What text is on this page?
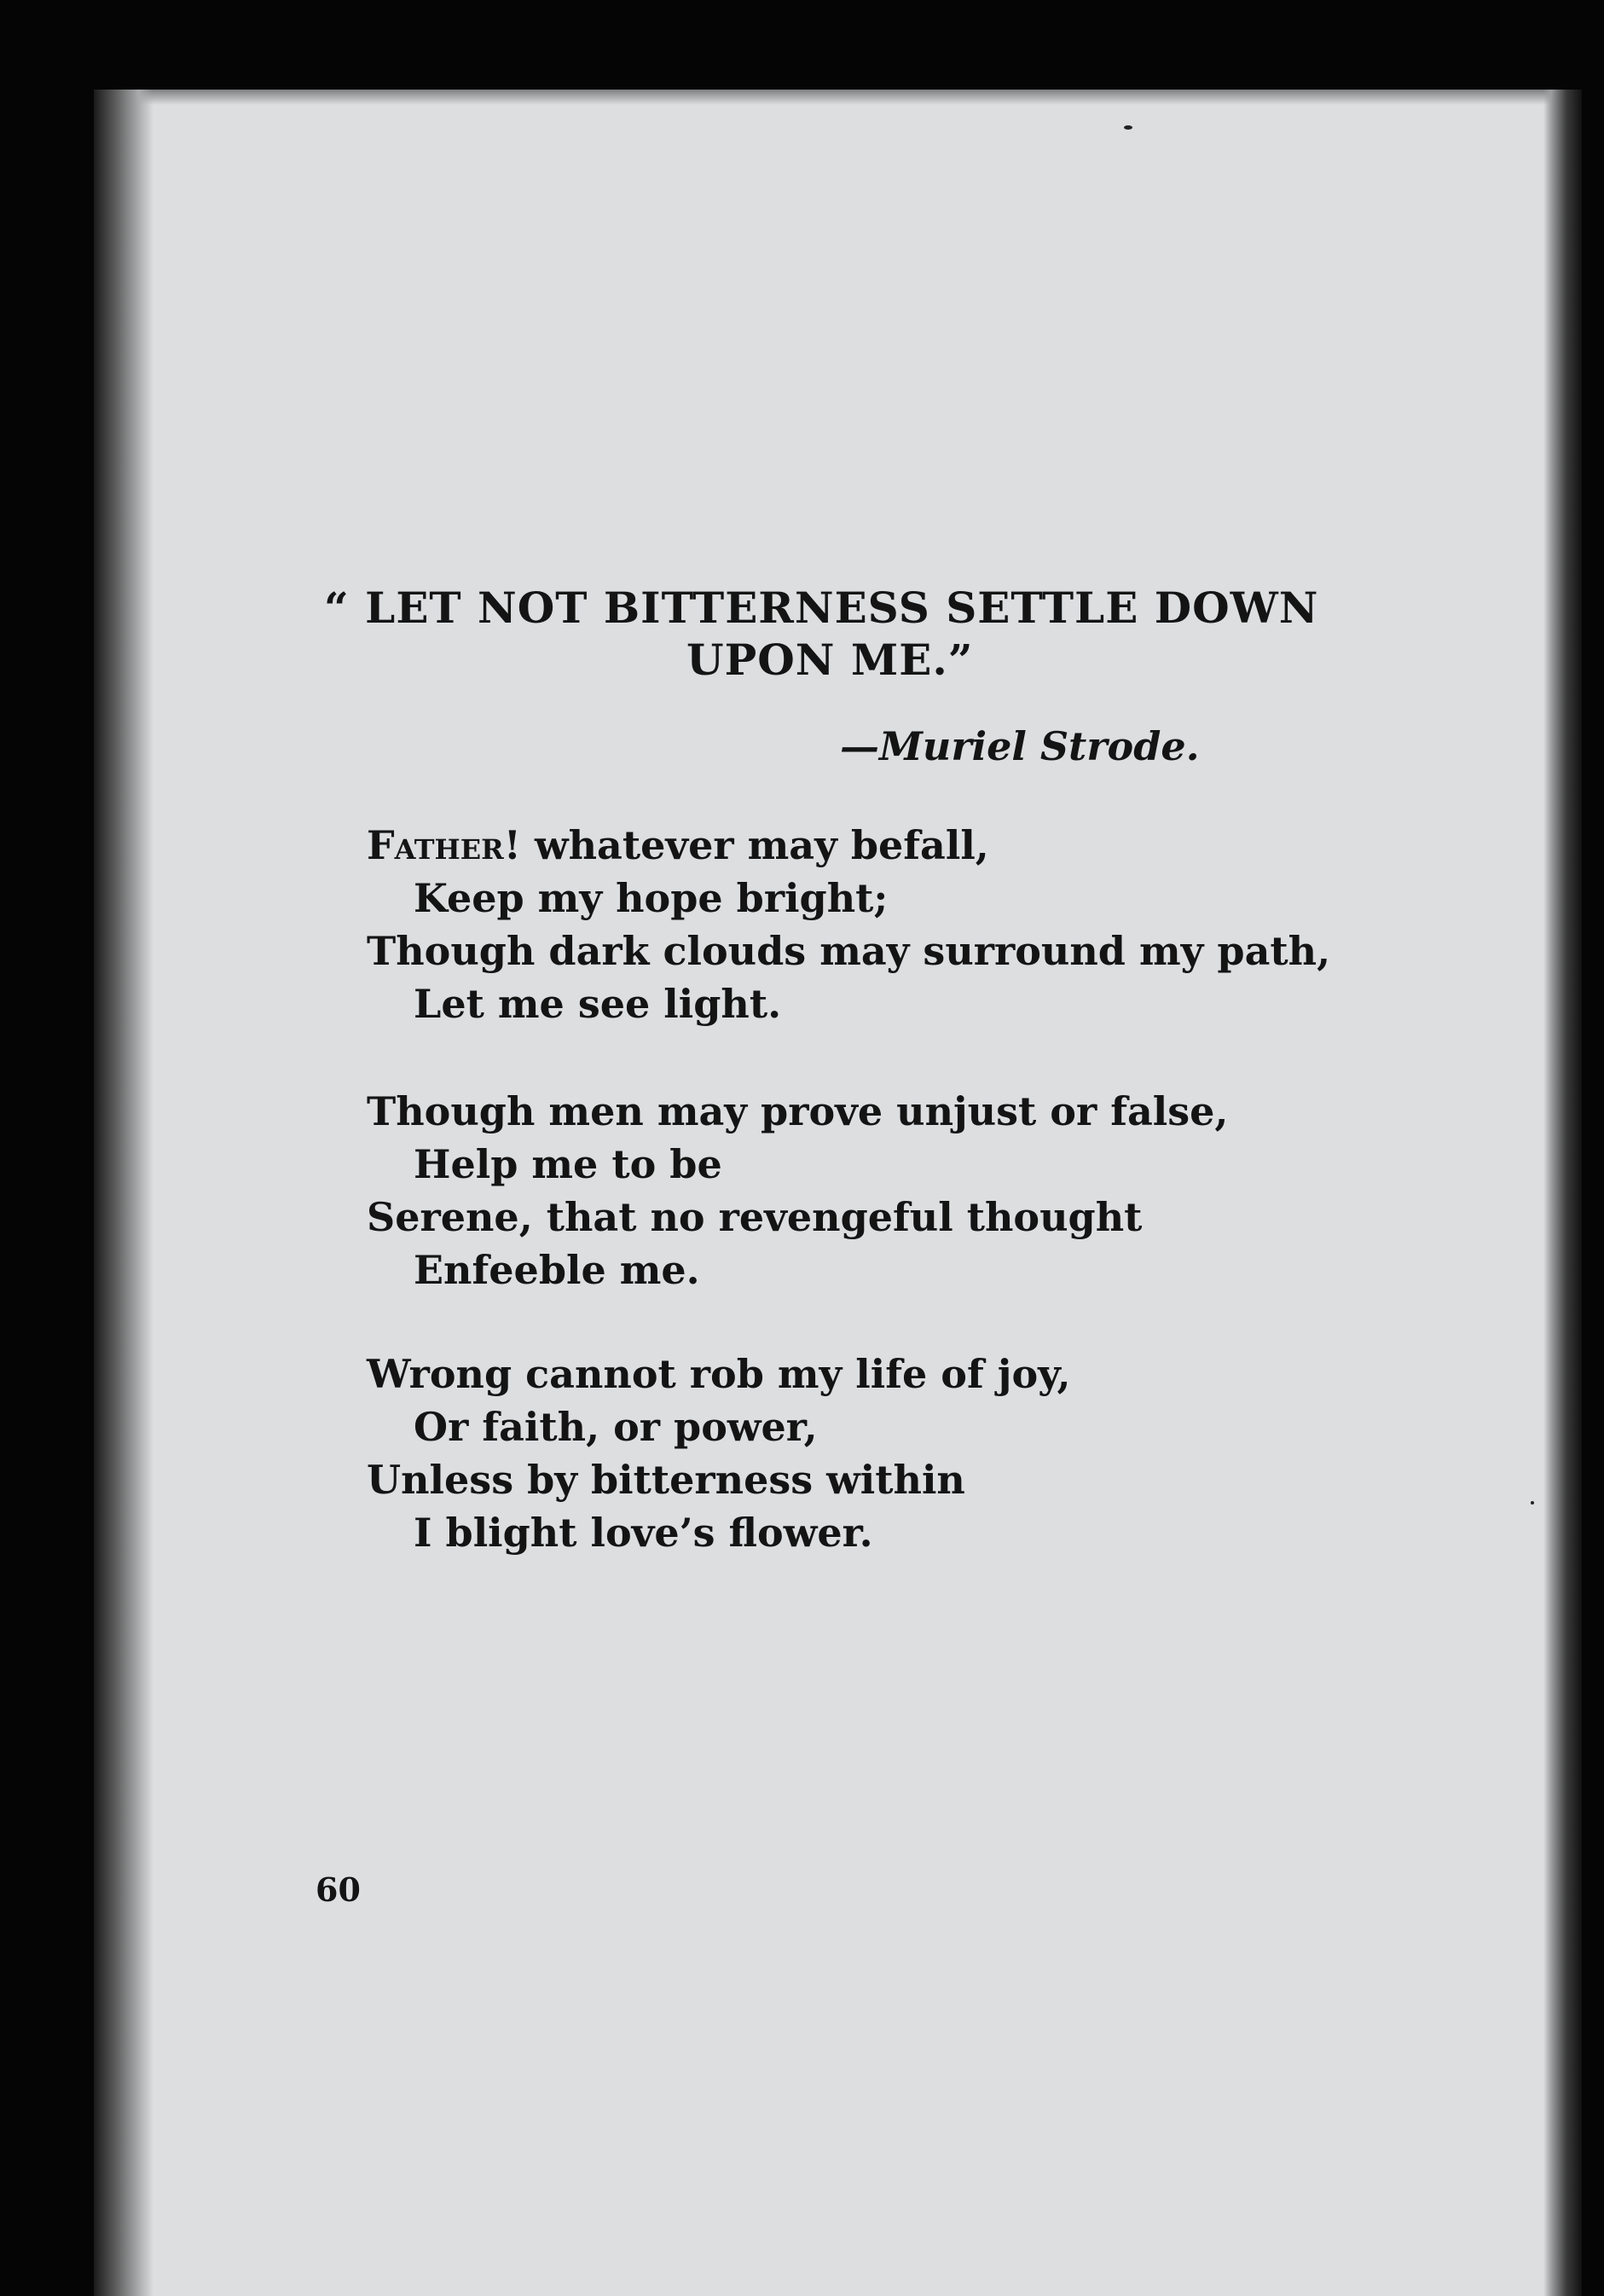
“ LET NOT BITTERNESS SETTLE DOWN
UPON ME.”

—Muriel Strode.

Father! whatever may befall,
Keep my hope bright;
Though dark clouds may surround my path,
Let me see light.
Though men may prove unjust or false,
Help me to be
Serene, that no revengeful thought
Enfeeble me.
Wrong cannot rob my life of joy,
Or faith, or power,
Unless by bitterness within
I blight love’s flower.

60
